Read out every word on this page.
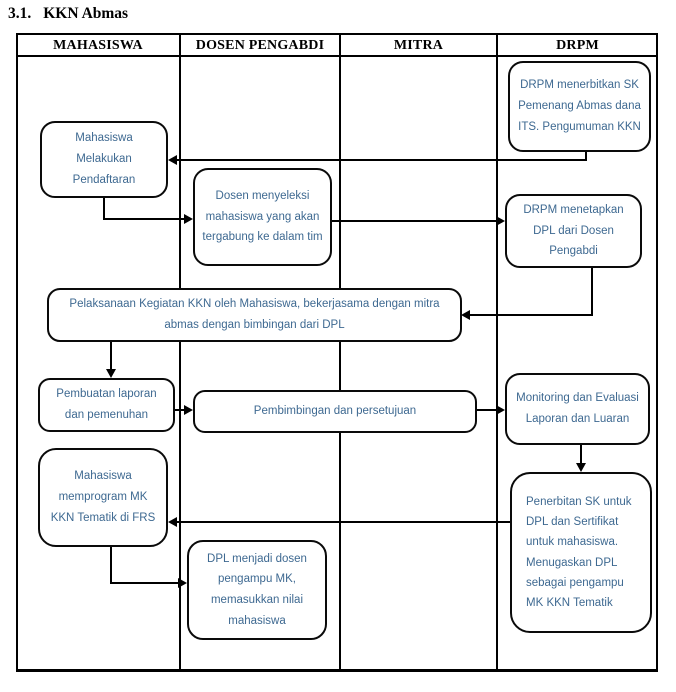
3.1. KKN Abmas
MAHASISWA	DOSEN PENGABDI	MITRA	DRPM
DRPM menerbitkan SK Pemenang Abmas dana ITS. Pengumuman KKN
Mahasiswa Melakukan Pendaftaran
Dosen menyeleksi mahasiswa yang akan tergabung ke dalam tim
DRPM menetapkan DPL dari Dosen Pengabdi
Pelaksanaan Kegiatan KKN oleh Mahasiswa, bekerjasama dengan mitra abmas dengan bimbingan dari DPL
Pembuatan laporan dan pemenuhan	Pembimbingan dan persetujuan
Monitoring dan Evaluasi Laporan dan Luaran
Mahasiswa memprogram MK KKN Tematik di FRS
Penerbitan SK untuk DPL dan Sertifikat untuk mahasiswa. Menugaskan DPL sebagai pengampu MK KKN Tematik
DPL menjadi dosen pengampu MK, memasukkan nilai mahasiswa
